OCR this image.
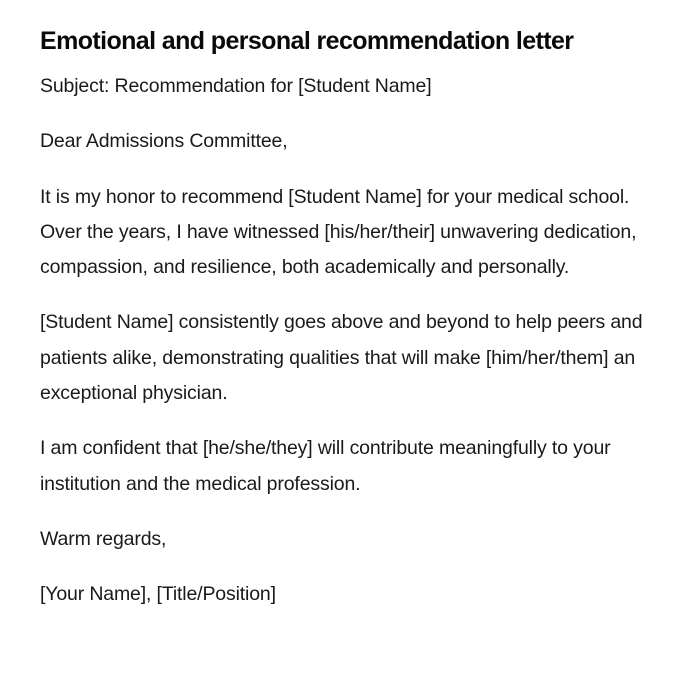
Emotional and personal recommendation letter

Subject: Recommendation for [Student Name]

Dear Admissions Committee,

It is my honor to recommend [Student Name] for your medical school. Over the years, I have witnessed [his/her/their] unwavering dedication, compassion, and resilience, both academically and personally.

[Student Name] consistently goes above and beyond to help peers and patients alike, demonstrating qualities that will make [him/her/them] an exceptional physician.

I am confident that [he/she/they] will contribute meaningfully to your institution and the medical profession.

Warm regards,

[Your Name], [Title/Position]
